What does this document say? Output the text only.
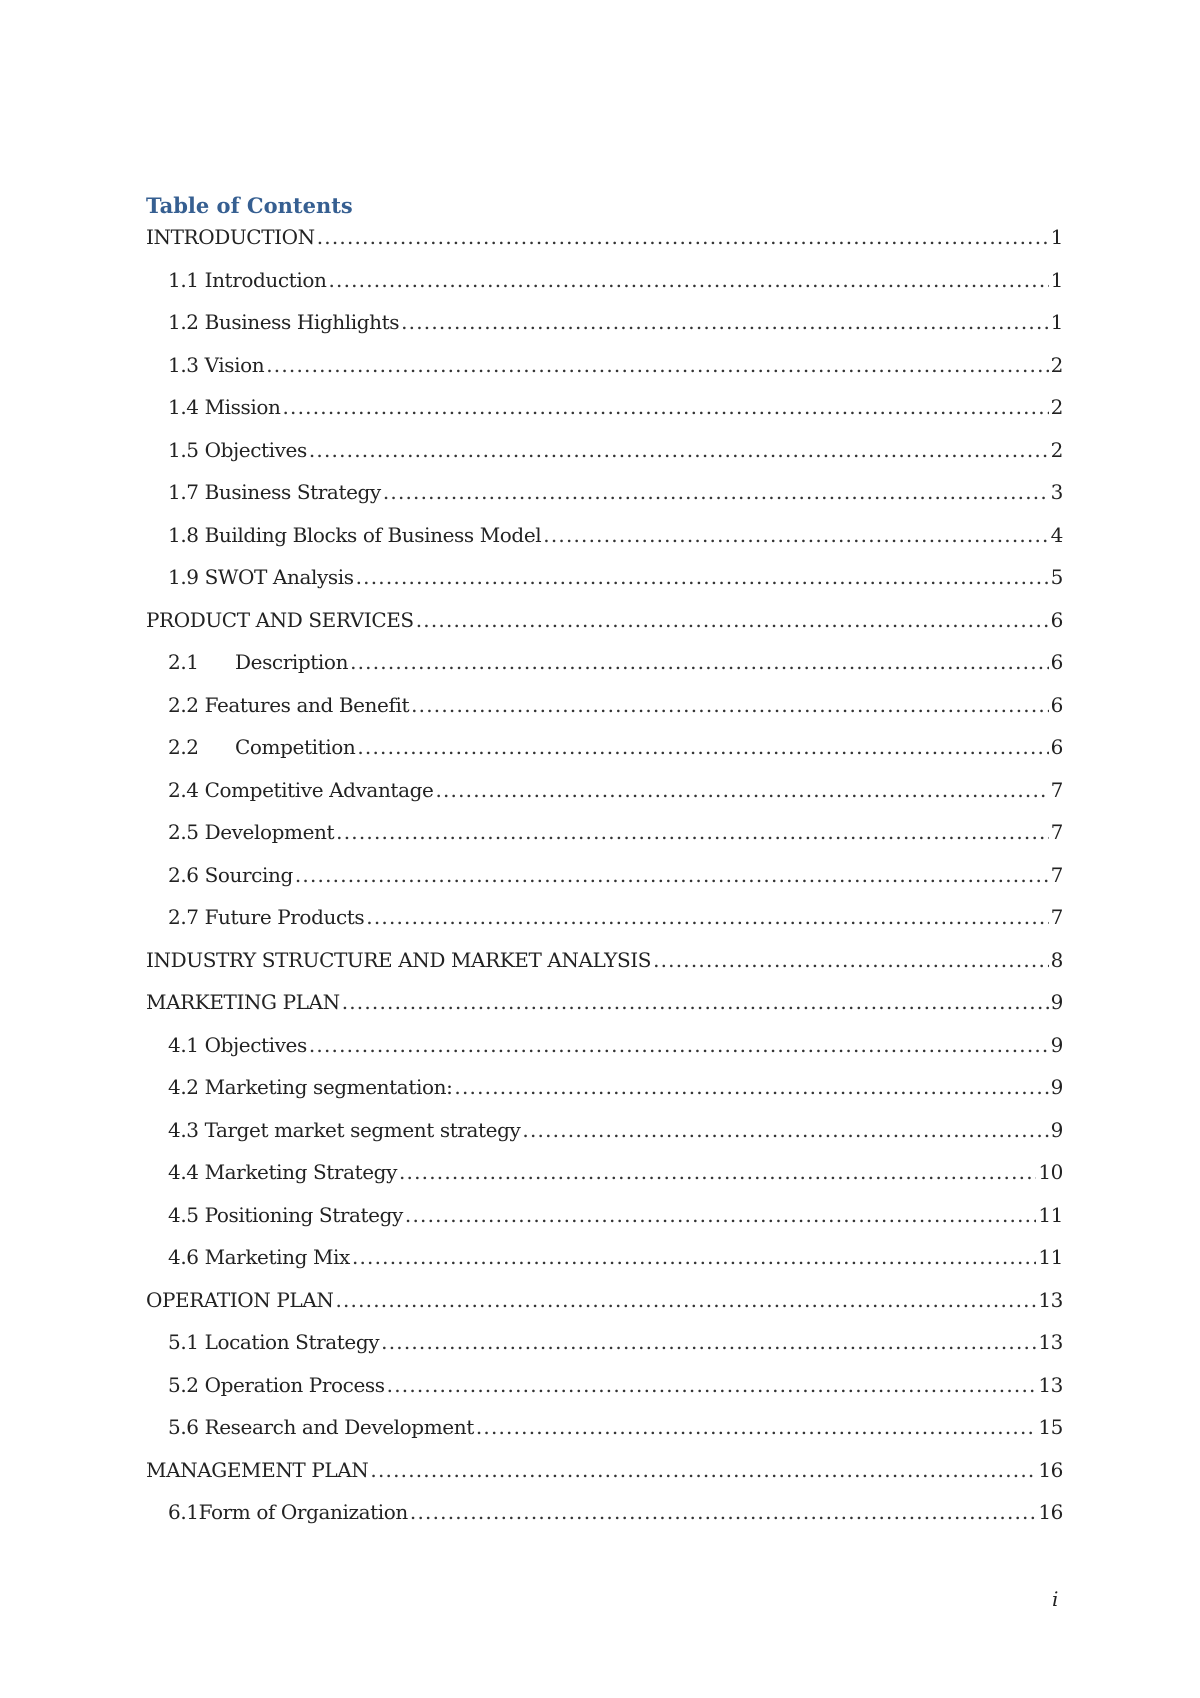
Table of Contents
INTRODUCTION .....	1
1.1 Introduction .....	1
1.2 Business Highlights .....	1
1.3 Vision .....	2
1.4 Mission .....	2
1.5 Objectives .....	2
1.7 Business Strategy .....	3
1.8 Building Blocks of Business Model .....	4
1.9 SWOT Analysis .....	5
PRODUCT AND SERVICES .....	6
2.1 Description .....	6
2.2 Features and Benefit .....	6
2.2 Competition .....	6
2.4 Competitive Advantage .....	7
2.5 Development .....	7
2.6 Sourcing .....	7
2.7 Future Products .....	7
INDUSTRY STRUCTURE AND MARKET ANALYSIS .....	8
MARKETING PLAN .....	9
4.1 Objectives .....	9
4.2 Marketing segmentation: .....	9
4.3 Target market segment strategy .....	9
4.4 Marketing Strategy .....	10
4.5 Positioning Strategy .....	11
4.6 Marketing Mix .....	11
OPERATION PLAN .....	13
5.1 Location Strategy .....	13
5.2 Operation Process .....	13
5.6 Research and Development .....	15
MANAGEMENT PLAN .....	16
6.1Form of Organization .....	16
i
